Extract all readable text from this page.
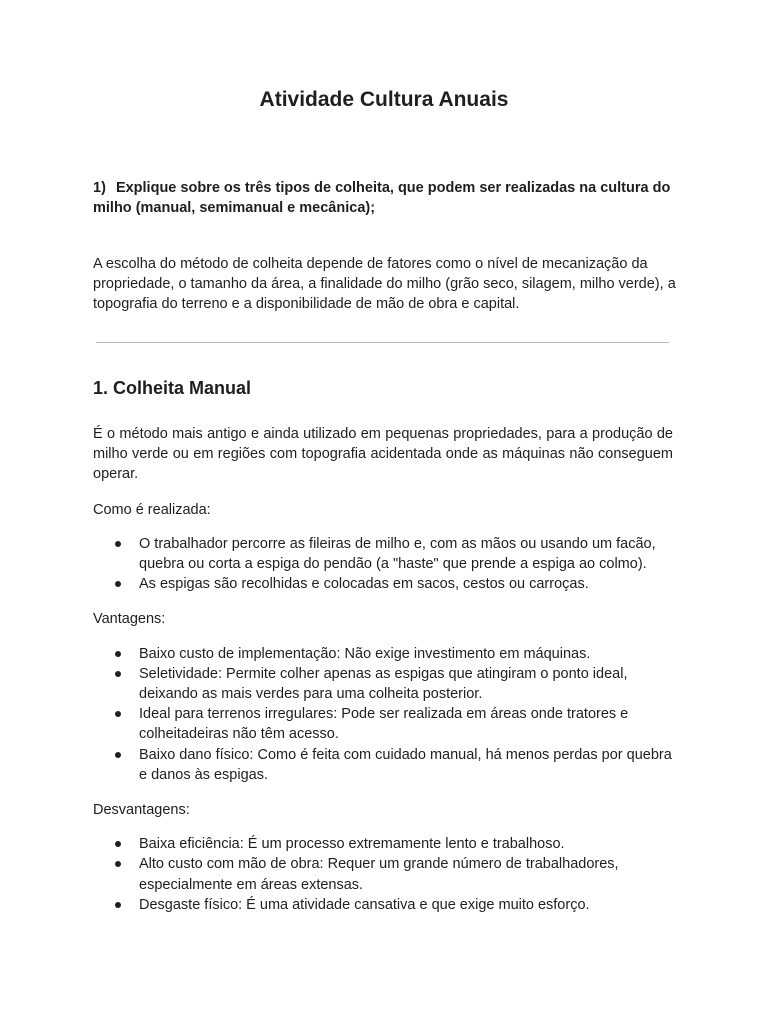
Atividade Cultura Anuais

1) Explique sobre os três tipos de colheita, que podem ser realizadas na cultura do milho (manual, semimanual e mecânica);

A escolha do método de colheita depende de fatores como o nível de mecanização da propriedade, o tamanho da área, a finalidade do milho (grão seco, silagem, milho verde), a topografia do terreno e a disponibilidade de mão de obra e capital.

1. Colheita Manual

É o método mais antigo e ainda utilizado em pequenas propriedades, para a produção de milho verde ou em regiões com topografia acidentada onde as máquinas não conseguem operar.

Como é realizada:

O trabalhador percorre as fileiras de milho e, com as mãos ou usando um facão, quebra ou corta a espiga do pendão (a "haste" que prende a espiga ao colmo).
As espigas são recolhidas e colocadas em sacos, cestos ou carroças.

Vantagens:

Baixo custo de implementação: Não exige investimento em máquinas.
Seletividade: Permite colher apenas as espigas que atingiram o ponto ideal, deixando as mais verdes para uma colheita posterior.
Ideal para terrenos irregulares: Pode ser realizada em áreas onde tratores e colheitadeiras não têm acesso.
Baixo dano físico: Como é feita com cuidado manual, há menos perdas por quebra e danos às espigas.

Desvantagens:

Baixa eficiência: É um processo extremamente lento e trabalhoso.
Alto custo com mão de obra: Requer um grande número de trabalhadores, especialmente em áreas extensas.
Desgaste físico: É uma atividade cansativa e que exige muito esforço.
